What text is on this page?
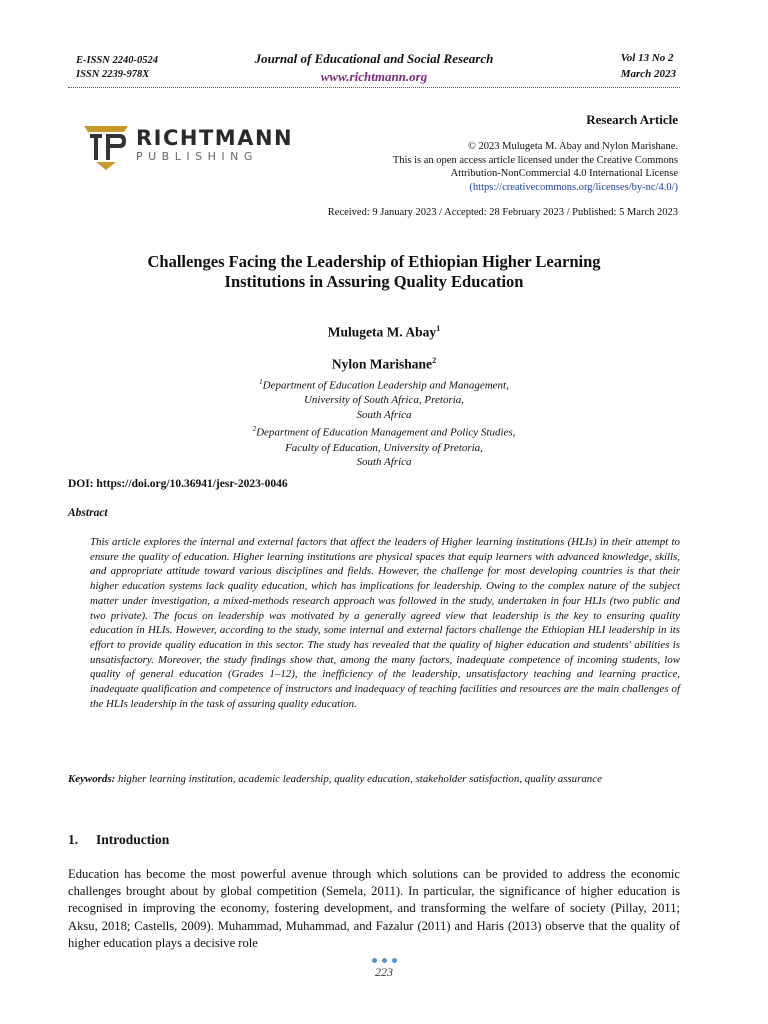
E-ISSN 2240-0524
ISSN 2239-978X
Journal of Educational and Social Research
www.richtmann.org
Vol 13 No 2
March 2023
Research Article
RICHTMANN
PUBLISHING
© 2023 Mulugeta M. Abay and Nylon Marishane.
This is an open access article licensed under the Creative Commons
Attribution-NonCommercial 4.0 International License
(https://creativecommons.org/licenses/by-nc/4.0/)
Received: 9 January 2023 / Accepted: 28 February 2023 / Published: 5 March 2023
Challenges Facing the Leadership of Ethiopian Higher Learning
Institutions in Assuring Quality Education
Mulugeta M. Abay$^1$
Nylon Marishane$^2$
$^1$Department of Education Leadership and Management,
University of South Africa, Pretoria,
South Africa
$^2$Department of Education Management and Policy Studies,
Faculty of Education, University of Pretoria,
South Africa
DOI: https://doi.org/10.36941/jesr-2023-0046
Abstract
This article explores the internal and external factors that affect the leaders of Higher learning institutions (HLIs) in their attempt to ensure the quality of education. Higher learning institutions are physical spaces that equip learners with advanced knowledge, skills, and appropriate attitude toward various disciplines and fields. However, the challenge for most developing countries is that their higher education systems lack quality education, which has implications for leadership. Owing to the complex nature of the subject matter under investigation, a mixed-methods research approach was followed in the study, undertaken in four HLIs (two public and two private). The focus on leadership was motivated by a generally agreed view that leadership is the key to ensuring quality education in HLIs. However, according to the study, some internal and external factors challenge the Ethiopian HLI leadership in its effort to provide quality education in this sector. The study has revealed that the quality of higher education and students' abilities is unsatisfactory. Moreover, the study findings show that, among the many factors, inadequate competence of incoming students, low quality of general education (Grades 1–12), the inefficiency of the leadership, unsatisfactory teaching and learning practice, inadequate qualification and competence of instructors and inadequacy of teaching facilities and resources are the main challenges of the HLIs leadership in the task of assuring quality education.
Keywords: higher learning institution, academic leadership, quality education, stakeholder satisfaction, quality assurance
1. Introduction
Education has become the most powerful avenue through which solutions can be provided to address the economic challenges brought about by global competition (Semela, 2011). In particular, the significance of higher education is recognised in improving the economy, fostering development, and transforming the welfare of society (Pillay, 2011; Aksu, 2018; Castells, 2009). Muhammad, Muhammad, and Fazalur (2011) and Haris (2013) observe that the quality of higher education plays a decisive role
223
